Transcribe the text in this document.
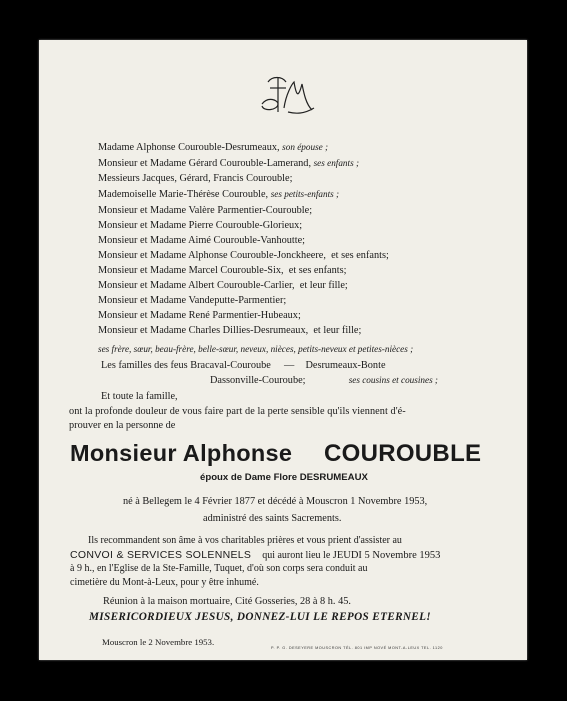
Madame Alphonse Courouble-Desrumeaux, son épouse ;
Monsieur et Madame Gérard Courouble-Lamerand, ses enfants ;
Messieurs Jacques, Gérard, Francis Courouble;
Mademoiselle Marie-Thérèse Courouble, ses petits-enfants ;
Monsieur et Madame Valère Parmentier-Courouble;
Monsieur et Madame Pierre Courouble-Glorieux;
Monsieur et Madame Aimé Courouble-Vanhoutte;
Monsieur et Madame Alphonse Courouble-Jonckheere, et ses enfants;
Monsieur et Madame Marcel Courouble-Six, et ses enfants;
Monsieur et Madame Albert Courouble-Carlier, et leur fille;
Monsieur et Madame Vandeputte-Parmentier;
Monsieur et Madame René Parmentier-Hubeaux;
Monsieur et Madame Charles Dillies-Desrumeaux, et leur fille;
ses frère, sœur, beau-frère, belle-sœur, neveux, nièces, petits-neveux et petites-nièces ;
Les familles des feus Bracaval-Couroube — Desrumeaux-Bonte
Dassonville-Couroube;	ses cousins et cousines ;
Et toute la famille,
ont la profonde douleur de vous faire part de la perte sensible qu'ils viennent d'é-
prouver en la personne de
Monsieur Alphonse COUROUBLE
époux de Dame Flore DESRUMEAUX
né à Bellegem le 4 Février 1877 et décédé à Mouscron 1 Novembre 1953,
administré des saints Sacrements.
Ils recommandent son âme à vos charitables prières et vous prient d'assister au
CONVOI & SERVICES SOLENNELS qui auront lieu le JEUDI 5 Novembre 1953
à 9 h., en l'Eglise de la Ste-Famille, Tuquet, d'où son corps sera conduit au
cimetière du Mont-à-Leux, pour y être inhumé.
Réunion à la maison mortuaire, Cité Gosseries, 28 à 8 h. 45.
MISERICORDIEUX JESUS, DONNEZ-LUI LE REPOS ETERNEL!
Mouscron le 2 Novembre 1953.
P. P. G. DESEYERE MOUSCRON TÉL. 801 IMP NOVÉ MONT-A-LEUX TEL. 1120
